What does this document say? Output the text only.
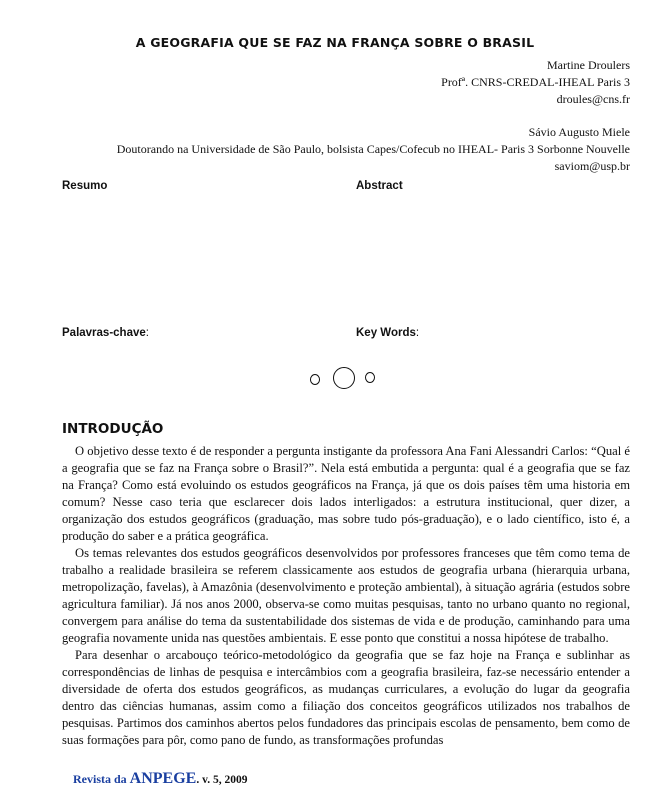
A GEOGRAFIA QUE SE FAZ NA FRANÇA SOBRE O BRASIL
Martine Droulers
Profª. CNRS-CREDAL-IHEAL Paris 3
droules@cns.fr
Sávio Augusto Miele
Doutorando na Universidade de São Paulo, bolsista Capes/Cofecub no IHEAL- Paris 3 Sorbonne Nouvelle
saviom@usp.br
Resumo	Abstract
Palavras-chave:	Key Words:
INTRODUÇÃO

O objetivo desse texto é de responder a pergunta instigante da professora Ana Fani Alessandri Carlos: “Qual é a geografia que se faz na França sobre o Brasil?”. Nela está embutida a pergunta: qual é a geografia que se faz na França? Como está evoluindo os estudos geográficos na França, já que os dois países têm uma historia em comum? Nesse caso teria que esclarecer dois lados interligados: a estrutura institucional, quer dizer, a organização dos estudos geográficos (graduação, mas sobre tudo pós-graduação), e o lado científico, isto é, a produção do saber e a prática geográfica.

Os temas relevantes dos estudos geográficos desenvolvidos por professores franceses que têm como tema de trabalho a realidade brasileira se referem classicamente aos estudos de geografia urbana (hierarquia urbana, metropolização, favelas), à Amazônia (desenvolvimento e proteção ambiental), à situação agrária (estudos sobre agricultura familiar). Já nos anos 2000, observa-se como muitas pesquisas, tanto no urbano quanto no regional, convergem para análise do tema da sustentabilidade dos sistemas de vida e de produção, caminhando para uma geografia novamente unida nas questões ambientais. E esse ponto que constitui a nossa hipótese de trabalho.

Para desenhar o arcabouço teórico-metodológico da geografia que se faz hoje na França e sublinhar as correspondências de linhas de pesquisa e intercâmbios com a geografia brasileira, faz-se necessário entender a diversidade de oferta dos estudos geográficos, as mudanças curriculares, a evolução do lugar da geografia dentro das ciências humanas, assim como a filiação dos conceitos geográficos utilizados nos trabalhos de pesquisas. Partimos dos caminhos abertos pelos fundadores das principais escolas de pensamento, bem como de suas formações para pôr, como pano de fundo, as transformações profundas

Revista da ANPEGE. v. 5, 2009
